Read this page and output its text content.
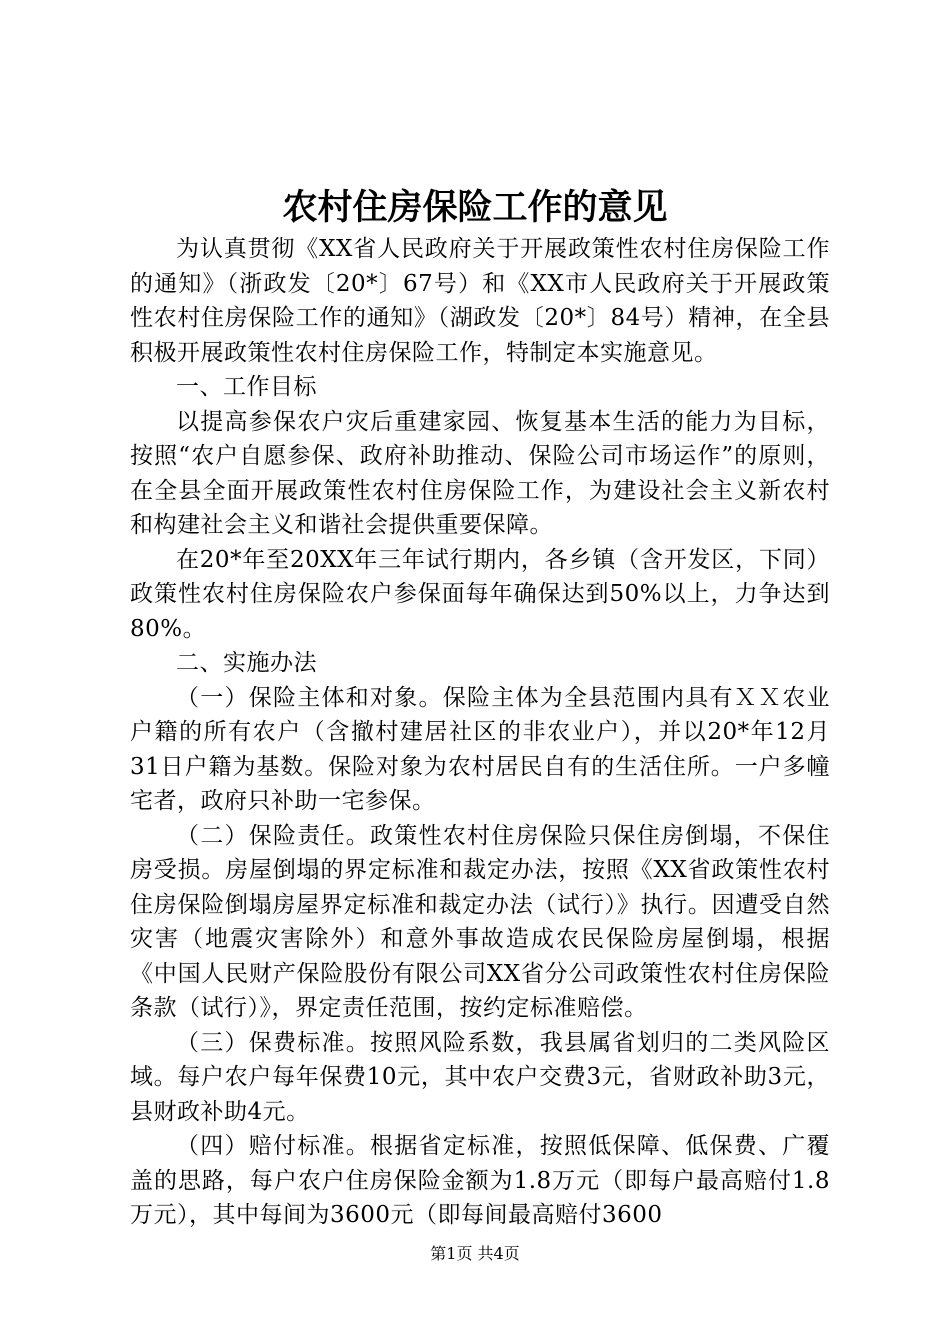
农村住房保险工作的意见

为认真贯彻《XX省人民政府关于开展政策性农村住房保险工作的通知》（浙政发〔20*〕67号）和《XX市人民政府关于开展政策性农村住房保险工作的通知》（湖政发〔20*〕84号）精神，在全县积极开展政策性农村住房保险工作，特制定本实施意见。

一、工作目标

以提高参保农户灾后重建家园、恢复基本生活的能力为目标，按照“农户自愿参保、政府补助推动、保险公司市场运作”的原则，在全县全面开展政策性农村住房保险工作，为建设社会主义新农村和构建社会主义和谐社会提供重要保障。

在20*年至20XX年三年试行期内，各乡镇（含开发区，下同）政策性农村住房保险农户参保面每年确保达到50%以上，力争达到80%。

二、实施办法

（一）保险主体和对象。保险主体为全县范围内具有ＸＸ农业户籍的所有农户（含撤村建居社区的非农业户），并以20*年12月31日户籍为基数。保险对象为农村居民自有的生活住所。一户多幢宅者，政府只补助一宅参保。

（二）保险责任。政策性农村住房保险只保住房倒塌，不保住房受损。房屋倒塌的界定标准和裁定办法，按照《XX省政策性农村住房保险倒塌房屋界定标准和裁定办法（试行）》执行。因遭受自然灾害（地震灾害除外）和意外事故造成农民保险房屋倒塌，根据《中国人民财产保险股份有限公司XX省分公司政策性农村住房保险条款（试行）》，界定责任范围，按约定标准赔偿。

（三）保费标准。按照风险系数，我县属省划归的二类风险区域。每户农户每年保费10元，其中农户交费3元，省财政补助3元，县财政补助4元。

（四）赔付标准。根据省定标准，按照低保障、低保费、广覆盖的思路，每户农户住房保险金额为1.8万元（即每户最高赔付1.8万元），其中每间为3600元（即每间最高赔付3600

第1页 共4页
